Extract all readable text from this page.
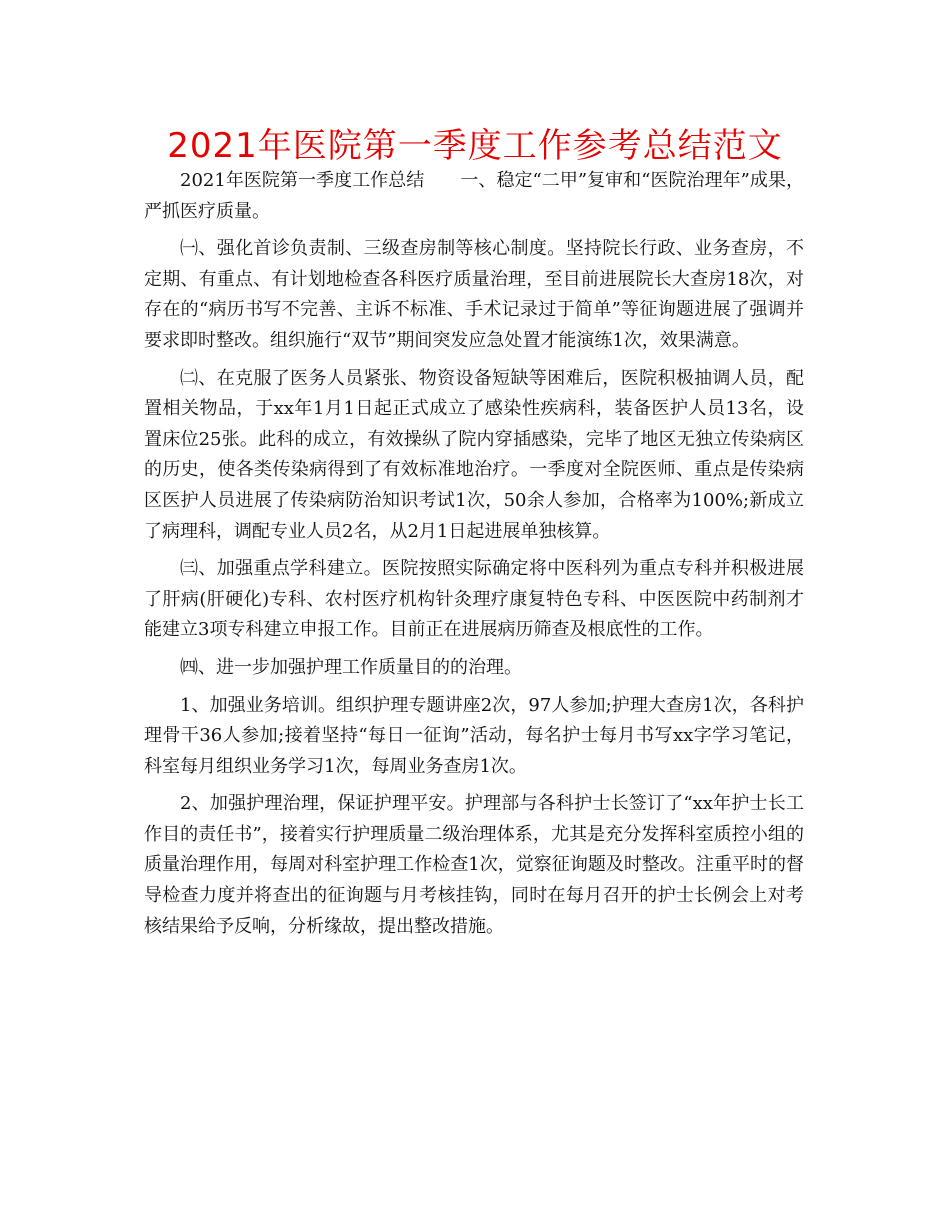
2021年医院第一季度工作参考总结范文

2021年医院第一季度工作总结　　一、稳定“二甲”复审和“医院治理年”成果，严抓医疗质量。

㈠、强化首诊负责制、三级查房制等核心制度。坚持院长行政、业务查房，不定期、有重点、有计划地检查各科医疗质量治理，至目前进展院长大查房18次，对存在的“病历书写不完善、主诉不标准、手术记录过于简单”等征询题进展了强调并要求即时整改。组织施行“双节”期间突发应急处置才能演练1次，效果满意。

㈡、在克服了医务人员紧张、物资设备短缺等困难后，医院积极抽调人员，配置相关物品，于xx年1月1日起正式成立了感染性疾病科，装备医护人员13名，设置床位25张。此科的成立，有效操纵了院内穿插感染，完毕了地区无独立传染病区的历史，使各类传染病得到了有效标准地治疗。一季度对全院医师、重点是传染病区医护人员进展了传染病防治知识考试1次，50余人参加，合格率为100%;新成立了病理科，调配专业人员2名，从2月1日起进展单独核算。

㈢、加强重点学科建立。医院按照实际确定将中医科列为重点专科并积极进展了肝病(肝硬化)专科、农村医疗机构针灸理疗康复特色专科、中医医院中药制剂才能建立3项专科建立申报工作。目前正在进展病历筛查及根底性的工作。

㈣、进一步加强护理工作质量目的的治理。

1、加强业务培训。组织护理专题讲座2次，97人参加;护理大查房1次，各科护理骨干36人参加;接着坚持“每日一征询”活动，每名护士每月书写xx字学习笔记，科室每月组织业务学习1次，每周业务查房1次。

2、加强护理治理，保证护理平安。护理部与各科护士长签订了“xx年护士长工作目的责任书”，接着实行护理质量二级治理体系，尤其是充分发挥科室质控小组的质量治理作用，每周对科室护理工作检查1次，觉察征询题及时整改。注重平时的督导检查力度并将查出的征询题与月考核挂钩，同时在每月召开的护士长例会上对考核结果给予反响，分析缘故，提出整改措施。
